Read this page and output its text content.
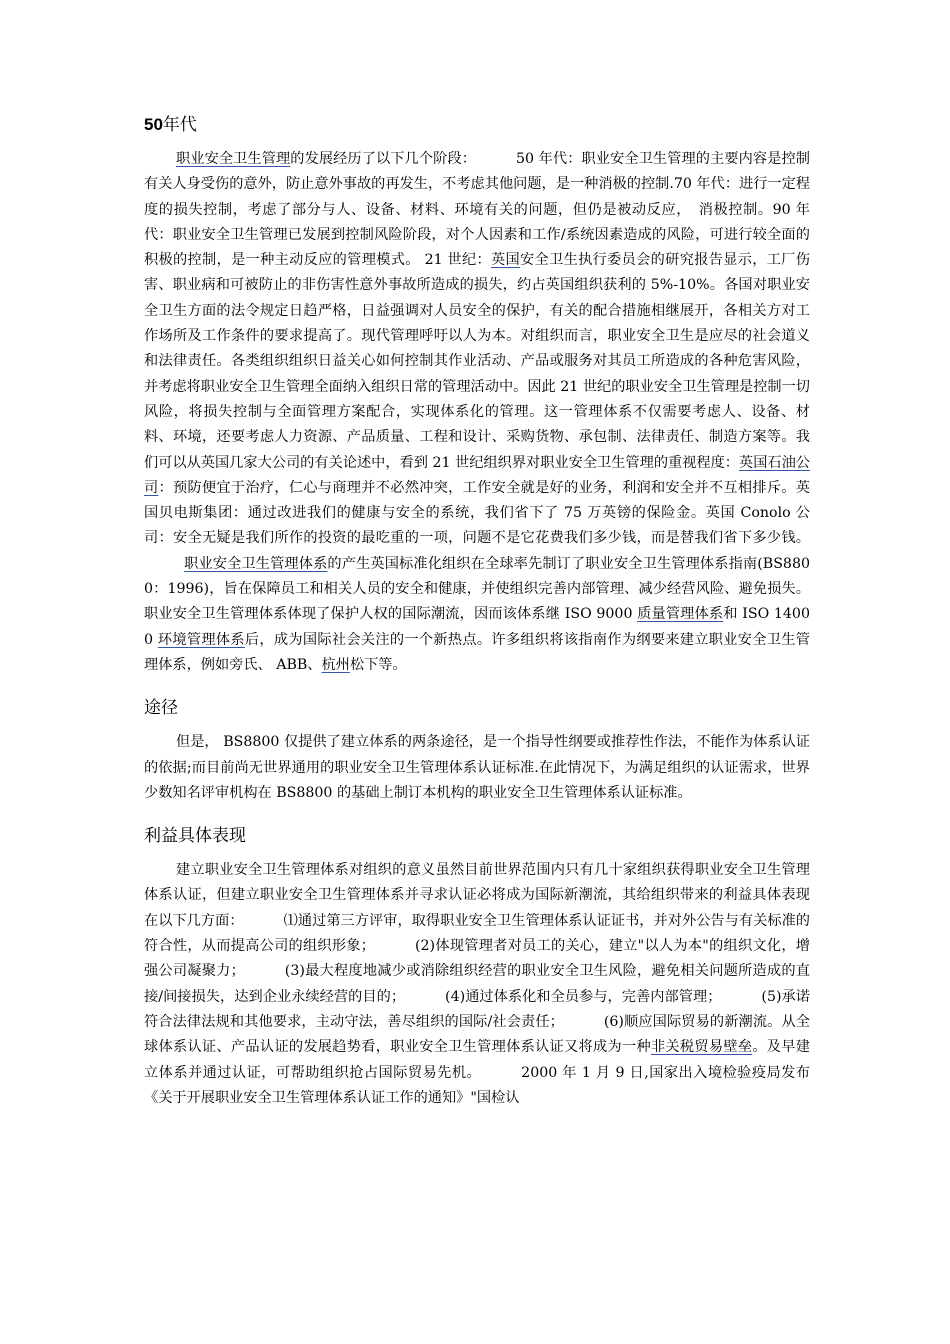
50年代

职业安全卫生管理的发展经历了以下几个阶段：	50 年代：职业安全卫生管理的主要内容是控制有关人身受伤的意外，防止意外事故的再发生，不考虑其他问题，是一种消极的控制.70 年代：进行一定程度的损失控制，考虑了部分与人、设备、材料、环境有关的问题，但仍是被动反应，　消极控制。90 年代：职业安全卫生管理已发展到控制风险阶段，对个人因素和工作/系统因素造成的风险，可进行较全面的积极的控制，是一种主动反应的管理模式。 21 世纪：英国安全卫生执行委员会的研究报告显示，工厂伤害、职业病和可被防止的非伤害性意外事故所造成的损失，约占英国组织获利的 5%-10%。各国对职业安全卫生方面的法令规定日趋严格，日益强调对人员安全的保护，有关的配合措施相继展开，各相关方对工作场所及工作条件的要求提高了。现代管理呼吁以人为本。对组织而言，职业安全卫生是应尽的社会道义和法律责任。各类组织组织日益关心如何控制其作业活动、产品或服务对其员工所造成的各种危害风险，并考虑将职业安全卫生管理全面纳入组织日常的管理活动中。因此 21 世纪的职业安全卫生管理是控制一切风险，将损失控制与全面管理方案配合，实现体系化的管理。这一管理体系不仅需要考虑人、设备、材料、环境，还要考虑人力资源、产品质量、工程和设计、采购货物、承包制、法律责任、制造方案等。我们可以从英国几家大公司的有关论述中，看到 21 世纪组织界对职业安全卫生管理的重视程度：英国石油公司：预防便宜于治疗，仁心与商理并不必然冲突，工作安全就是好的业务，利润和安全并不互相排斥。英国贝电斯集团：通过改进我们的健康与安全的系统，我们省下了 75 万英镑的保险金。英国 Conolo 公司：安全无疑是我们所作的投资的最吃重的一项，问题不是它花费我们多少钱，而是替我们省下多少钱。职业安全卫生管理体系的产生英国标准化组织在全球率先制订了职业安全卫生管理体系指南(BS8800：1996)，旨在保障员工和相关人员的安全和健康，并使组织完善内部管理、减少经营风险、避免损失。职业安全卫生管理体系体现了保护人权的国际潮流，因而该体系继 ISO 9000 质量管理体系和 ISO 14000 环境管理体系后，成为国际社会关注的一个新热点。许多组织将该指南作为纲要来建立职业安全卫生管理体系，例如旁氏、 ABB、杭州松下等。

途径

但是， BS8800 仅提供了建立体系的两条途径，是一个指导性纲要或推荐性作法，不能作为体系认证的依据;而目前尚无世界通用的职业安全卫生管理体系认证标准.在此情况下，为满足组织的认证需求，世界少数知名评审机构在 BS8800 的基础上制订本机构的职业安全卫生管理体系认证标准。

利益具体表现

建立职业安全卫生管理体系对组织的意义虽然目前世界范围内只有几十家组织获得职业安全卫生管理体系认证，但建立职业安全卫生管理体系并寻求认证必将成为国际新潮流，其给组织带来的利益具体表现在以下几方面：	⑴通过第三方评审，取得职业安全卫生管理体系认证证书，并对外公告与有关标准的符合性，从而提高公司的组织形象；	(2)体现管理者对员工的关心，建立"以人为本"的组织文化，增强公司凝聚力；	(3)最大程度地减少或消除组织经营的职业安全卫生风险，避免相关问题所造成的直接/间接损失，达到企业永续经营的目的；	(4)通过体系化和全员参与，完善内部管理；	(5)承诺符合法律法规和其他要求，主动守法，善尽组织的国际/社会责任；	(6)顺应国际贸易的新潮流。从全球体系认证、产品认证的发展趋势看，职业安全卫生管理体系认证又将成为一种非关税贸易壁垒。及早建立体系并通过认证，可帮助组织抢占国际贸易先机。	2000 年 1 月 9 日,国家出入境检验疫局发布《关于开展职业安全卫生管理体系认证工作的通知》"国检认
